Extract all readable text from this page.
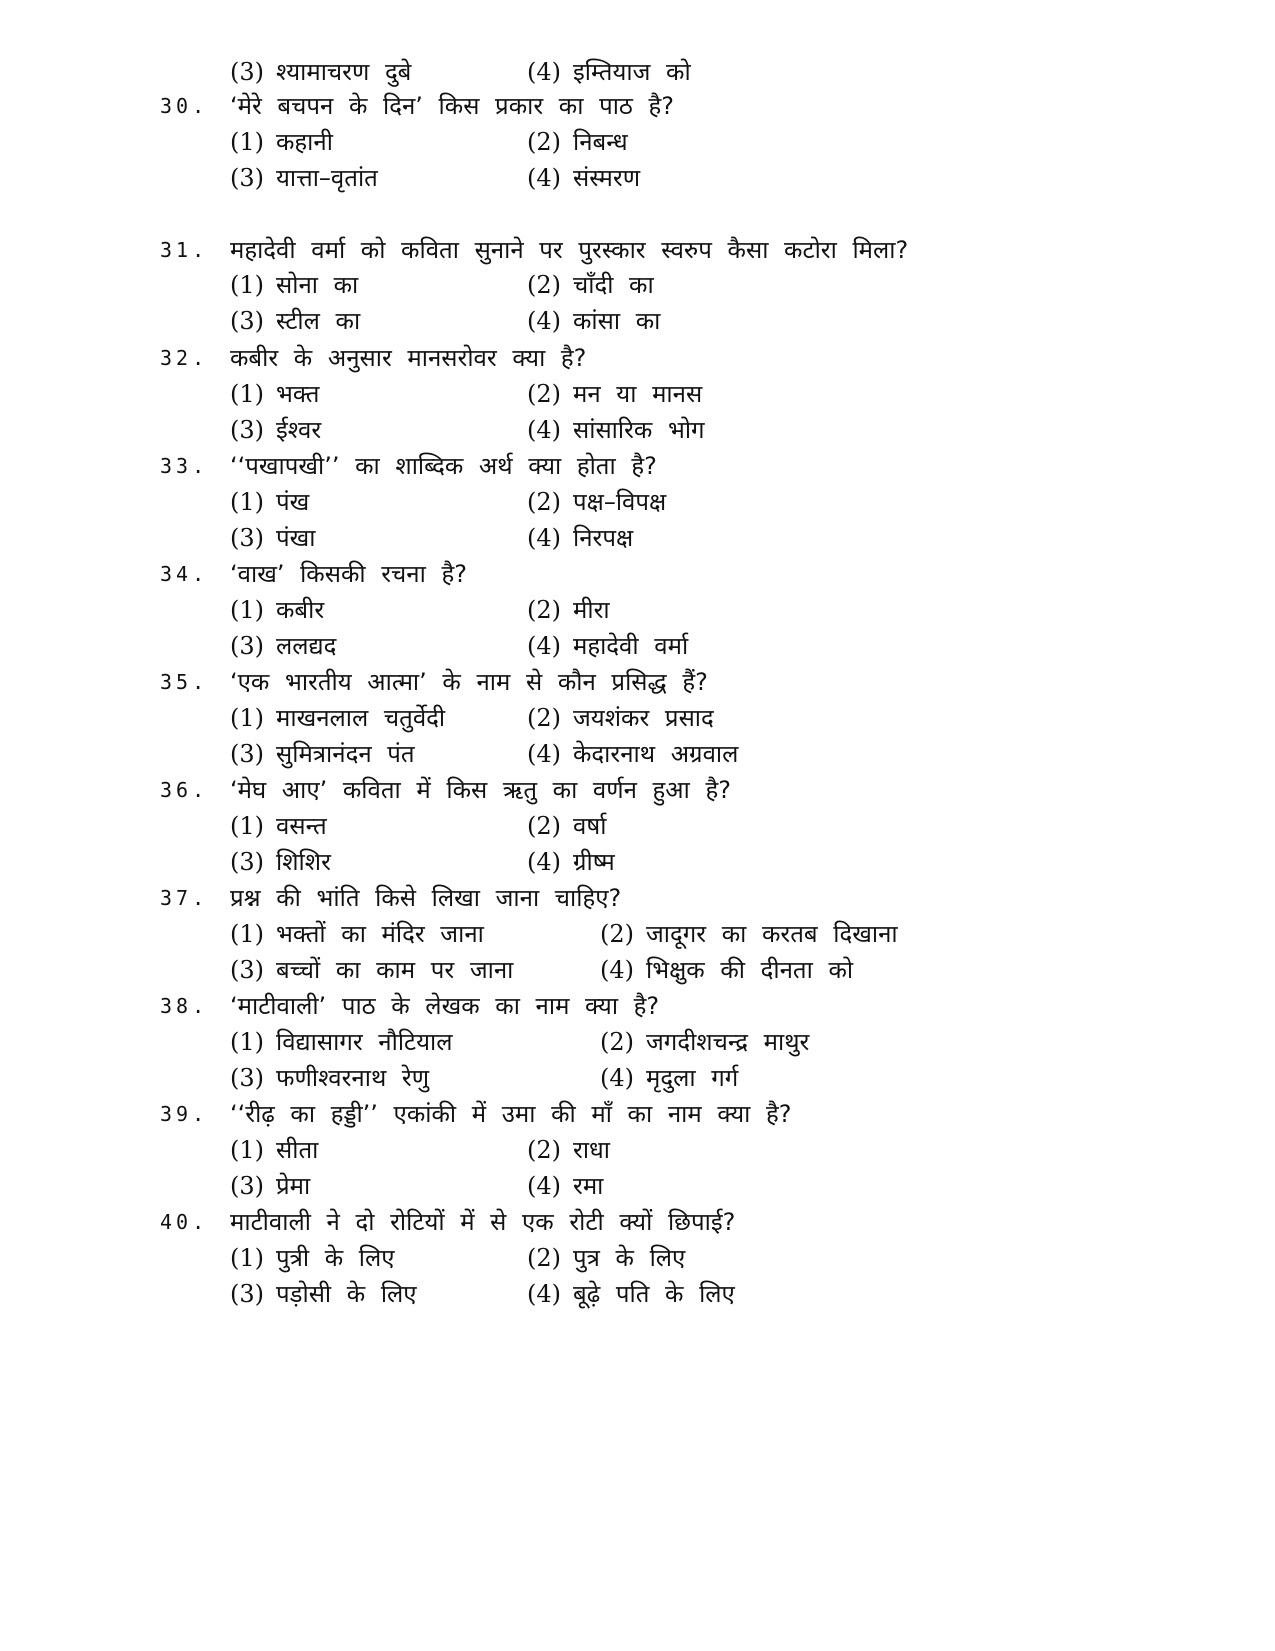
(3) श्यामाचरण दुबे	(4) इम्तियाज को
30. ‘मेरे बचपन के दिन’ किस प्रकार का पाठ है?
(1) कहानी	(2) निबन्ध
(3) यात्ता–वृतांत	(4) संस्मरण
31. महादेवी वर्मा को कविता सुनाने पर पुरस्कार स्वरुप कैसा कटोरा मिला?
(1) सोना का	(2) चाँदी का
(3) स्टील का	(4) कांसा का
32. कबीर के अनुसार मानसरोवर क्या है?
(1) भक्त	(2) मन या मानस
(3) ईश्वर	(4) सांसारिक भोग
33. ‘‘पखापखी’’ का शाब्दिक अर्थ क्या होता है?
(1) पंख	(2) पक्ष–विपक्ष
(3) पंखा	(4) निरपक्ष
34. ‘वाख’ किसकी रचना है?
(1) कबीर	(2) मीरा
(3) ललद्यद	(4) महादेवी वर्मा
35. ‘एक भारतीय आत्मा’ के नाम से कौन प्रसिद्ध हैं?
(1) माखनलाल चतुर्वेदी	(2) जयशंकर प्रसाद
(3) सुमित्रानंदन पंत	(4) केदारनाथ अग्रवाल
36. ‘मेघ आए’ कविता में किस ऋतु का वर्णन हुआ है?
(1) वसन्त	(2) वर्षा
(3) शिशिर	(4) ग्रीष्म
37. प्रश्न की भांति किसे लिखा जाना चाहिए?
(1) भक्तों का मंदिर जाना	(2) जादूगर का करतब दिखाना
(3) बच्चों का काम पर जाना	(4) भिक्षुक की दीनता को
38. ‘माटीवाली’ पाठ के लेखक का नाम क्या है?
(1) विद्यासागर नौटियाल	(2) जगदीशचन्द्र माथुर
(3) फणीश्वरनाथ रेणु	(4) मृदुला गर्ग
39. ‘‘रीढ़ का हड्डी’’ एकांकी में उमा की माँ का नाम क्या है?
(1) सीता	(2) राधा
(3) प्रेमा	(4) रमा
40. माटीवाली ने दो रोटियों में से एक रोटी क्यों छिपाई?
(1) पुत्री के लिए	(2) पुत्र के लिए
(3) पड़ोसी के लिए	(4) बूढ़े पति के लिए
